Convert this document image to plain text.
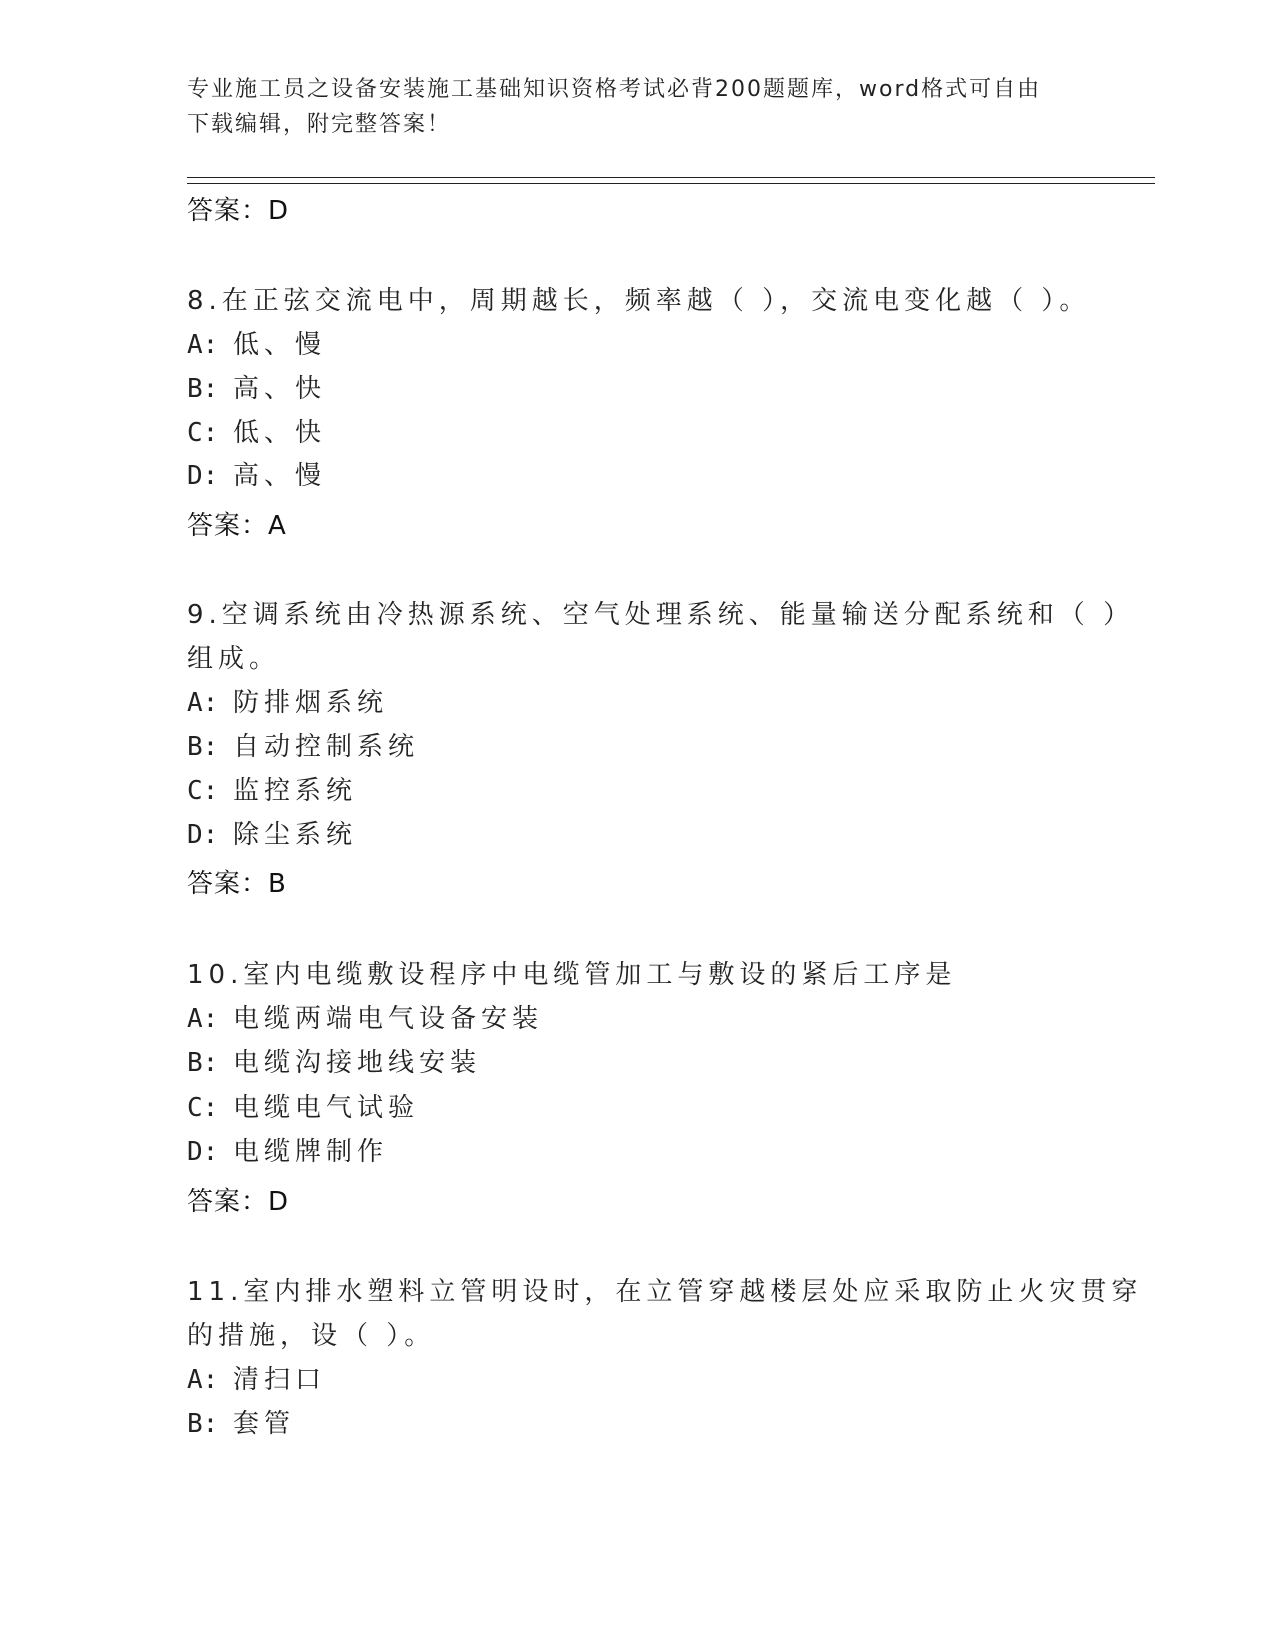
专业施工员之设备安装施工基础知识资格考试必背200题题库，word格式可自由
下载编辑，附完整答案！
答案：D
8.在正弦交流电中，周期越长，频率越（ ），交流电变化越（ ）。
A: 低、慢
B: 高、快
C: 低、快
D: 高、慢
答案：A
9.空调系统由冷热源系统、空气处理系统、能量输送分配系统和（ ）
组成。
A: 防排烟系统
B: 自动控制系统
C: 监控系统
D: 除尘系统
答案：B
10.室内电缆敷设程序中电缆管加工与敷设的紧后工序是
A: 电缆两端电气设备安装
B: 电缆沟接地线安装
C: 电缆电气试验
D: 电缆牌制作
答案：D
11.室内排水塑料立管明设时，在立管穿越楼层处应采取防止火灾贯穿
的措施，设（ ）。
A: 清扫口
B: 套管
